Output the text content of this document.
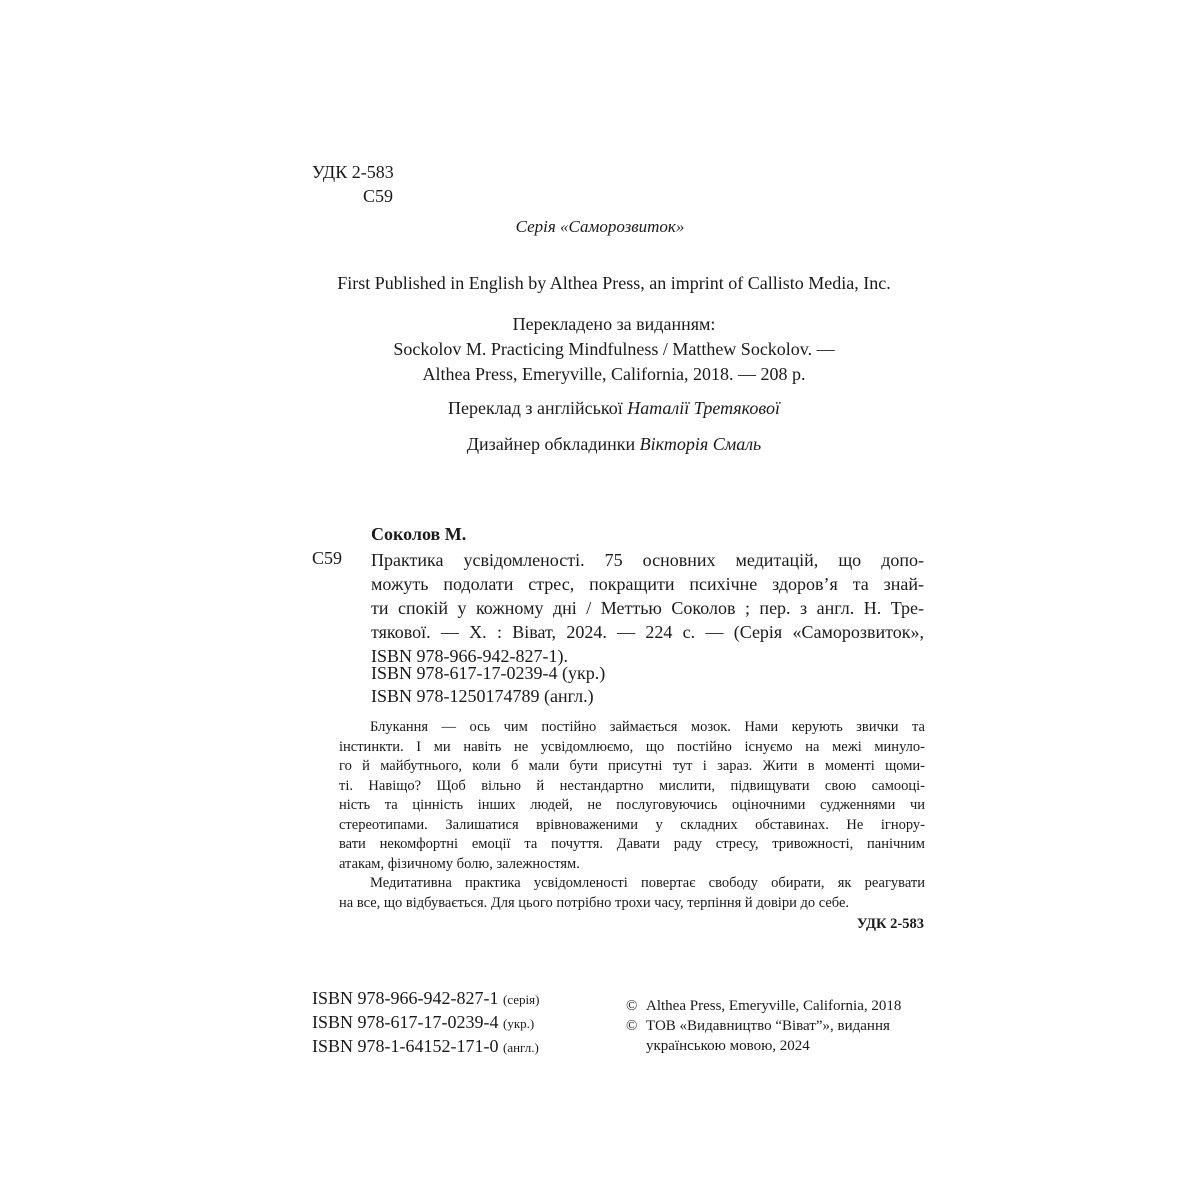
УДК 2-583
С59
Серія «Саморозвиток»
First Published in English by Althea Press, an imprint of Callisto Media, Inc.
Перекладено за виданням:
Sockolov M. Practicing Mindfulness / Matthew Sockolov. —
Althea Press, Emeryville, California, 2018. — 208 p.
Переклад з англійської Наталії Третякової
Дизайнер обкладинки Вікторія Смаль
Соколов М.
С59 Практика усвідомленості. 75 основних медитацій, що допо-
можуть подолати стрес, покращити психічне здоров’я та знай-
ти спокій у кожному дні / Меттью Соколов ; пер. з англ. Н. Тре-
тякової. — Х. : Віват, 2024. — 224 с. — (Серія «Саморозвиток»,
ISBN 978-966-942-827-1).
ISBN 978-617-17-0239-4 (укр.)
ISBN 978-1250174789 (англ.)
Блукання — ось чим постійно займається мозок. Нами керують звички та
інстинкти. І ми навіть не усвідомлюємо, що постійно існуємо на межі минуло-
го й майбутнього, коли б мали бути присутні тут і зараз. Жити в моменті щоми-
ті. Навіщо? Щоб вільно й нестандартно мислити, підвищувати свою самооці-
ність та цінність інших людей, не послуговуючись оціночними судженнями чи
стереотипами. Залишатися врівноваженими у складних обставинах. Не ігнору-
вати некомфортні емоції та почуття. Давати раду стресу, тривожності, панічним
атакам, фізичному болю, залежностям.
Медитативна практика усвідомленості повертає свободу обирати, як реагувати
на все, що відбувається. Для цього потрібно трохи часу, терпіння й довіри до себе.
УДК 2-583
ISBN 978-966-942-827-1 (серія)
ISBN 978-617-17-0239-4 (укр.)
ISBN 978-1-64152-171-0 (англ.)
© Althea Press, Emeryville, California, 2018
© ТОВ «Видавництво “Віват”», видання
українською мовою, 2024
